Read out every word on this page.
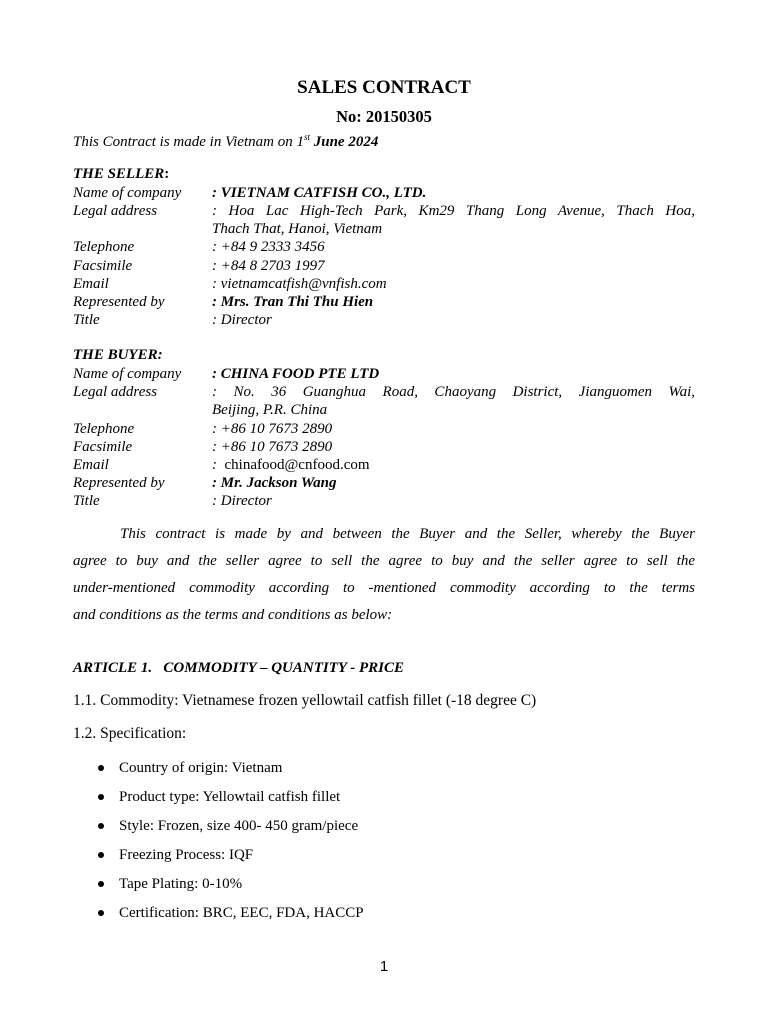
SALES CONTRACT
No: 20150305
This Contract is made in Vietnam on 1st June 2024
THE SELLER:
Name of company : VIETNAM CATFISH CO., LTD.
Legal address	: Hoa Lac High-Tech Park, Km29 Thang Long Avenue, Thach Hoa,
Thach That, Hanoi, Vietnam
Telephone	: +84 9 2333 3456
Facsimile	: +84 8 2703 1997
Email	: vietnamcatfish@vnfish.com
Represented by	: Mrs. Tran Thi Thu Hien
Title	: Director
THE BUYER:
Name of company : CHINA FOOD PTE LTD
Legal address	: No. 36 Guanghua Road, Chaoyang District, Jianguomen Wai,
Beijing, P.R. China
Telephone	: +86 10 7673 2890
Facsimile	: +86 10 7673 2890
Email	:  chinafood@cnfood.com
Represented by	: Mr. Jackson Wang
Title	: Director
This contract is made by and between the Buyer and the Seller, whereby the Buyer
agree to buy and the seller agree to sell the agree to buy and the seller agree to sell the
under-mentioned commodity according to -mentioned commodity according to the terms
and conditions as the terms and conditions as below:
ARTICLE 1.   COMMODITY – QUANTITY - PRICE
1.1. Commodity: Vietnamese frozen yellowtail catfish fillet (-18 degree C)
1.2. Specification:
Country of origin: Vietnam
Product type: Yellowtail catfish fillet
Style: Frozen, size 400- 450 gram/piece
Freezing Process: IQF
Tape Plating: 0-10%
Certification: BRC, EEC, FDA, HACCP
1
